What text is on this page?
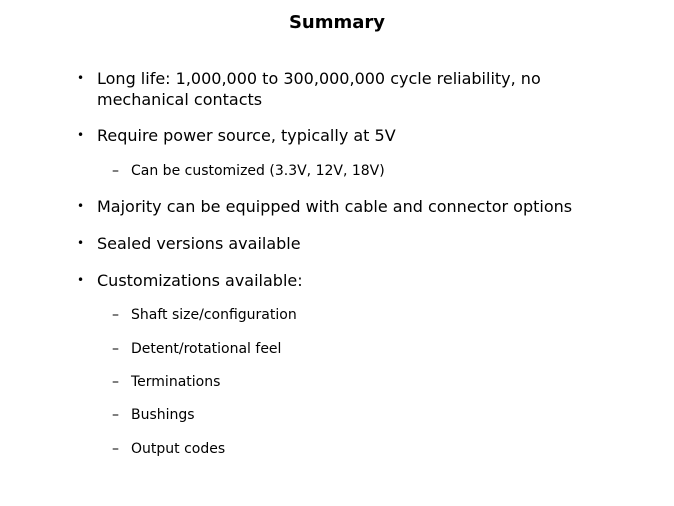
Summary
• Long life: 1,000,000 to 300,000,000 cycle reliability, no mechanical contacts
• Require power source, typically at 5V
– Can be customized (3.3V, 12V, 18V)
• Majority can be equipped with cable and connector options
• Sealed versions available
• Customizations available:
– Shaft size/configuration
– Detent/rotational feel
– Terminations
– Bushings
– Output codes
